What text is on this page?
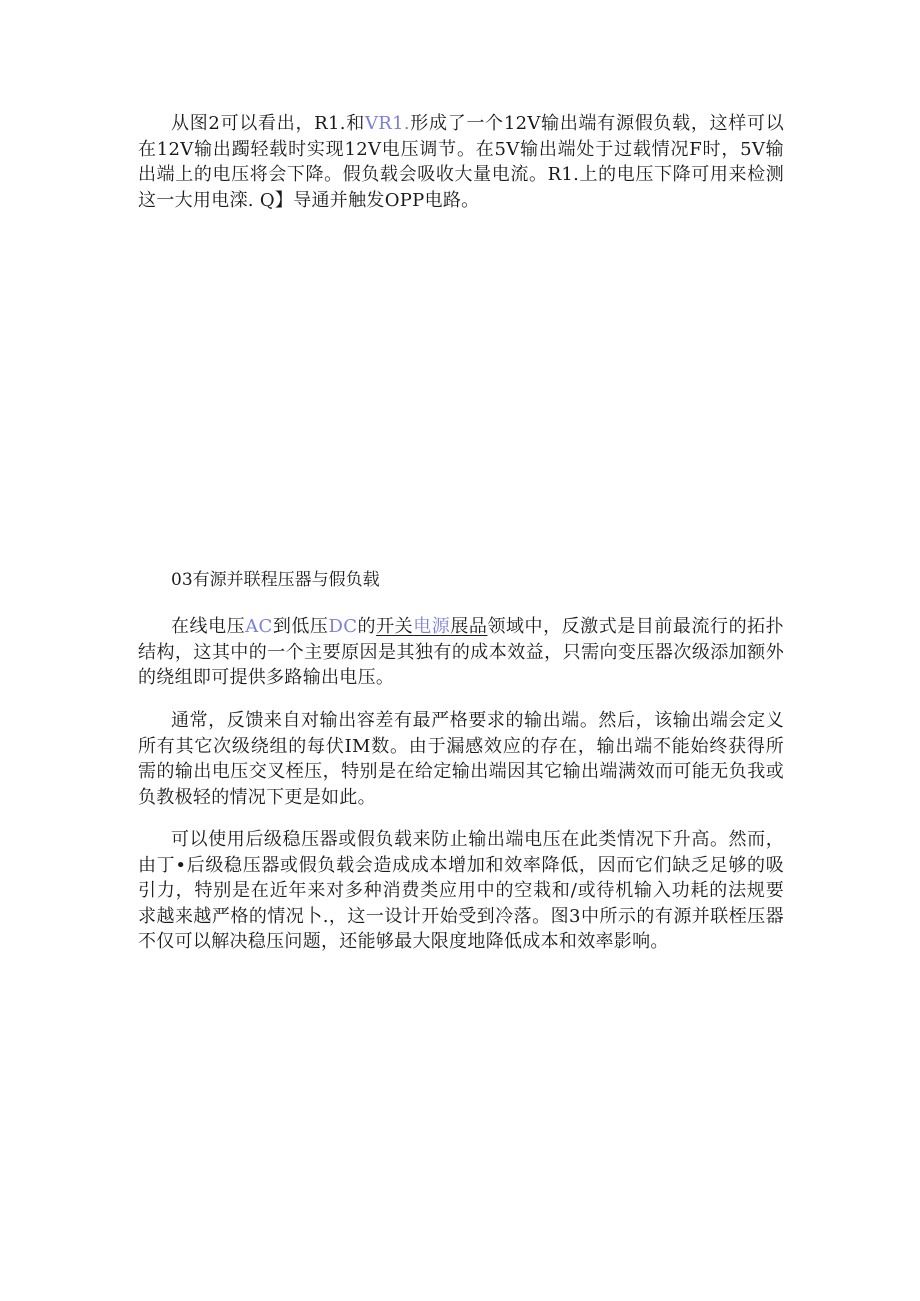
从图2可以看出，R1.和VR1.形成了一个12V输出端有源假负载，这样可以在12V输出躅轻载时实现12V电压调节。在5V输出端处于过载情况F时，5V输出端上的电压将会下降。假负载会吸收大量电流。R1.上的电压下降可用来检测这一大用电滦. Q】导通并触发OPP电路。

03有源并联程压器与假负载

在线电压AC到低压DC的开关电源展品领域中，反激式是目前最流行的拓扑结构，这其中的一个主要原因是其独有的成本效益，只需向变压器次级添加额外的绕组即可提供多路输出电压。

通常，反馈来自对输出容差有最严格要求的输出端。然后，该输出端会定义所有其它次级绕组的每伏IM数。由于漏感效应的存在，输出端不能始终获得所需的输出电压交叉桎压，特别是在给定输出端因其它输出端满效而可能无负我或负教极轻的情况下更是如此。

可以使用后级稳压器或假负载来防止输出端电压在此类情况下升高。然而，由丁•后级稳压器或假负载会造成成本增加和效率降低，因而它们缺乏足够的吸引力，特别是在近年来对多种消费类应用中的空栽和/或待机输入功耗的法规要求越来越严格的情况卜.，这一设计开始受到冷落。图3中所示的有源并联桎压器不仅可以解决稳压问题，还能够最大限度地降低成本和效率影响。
